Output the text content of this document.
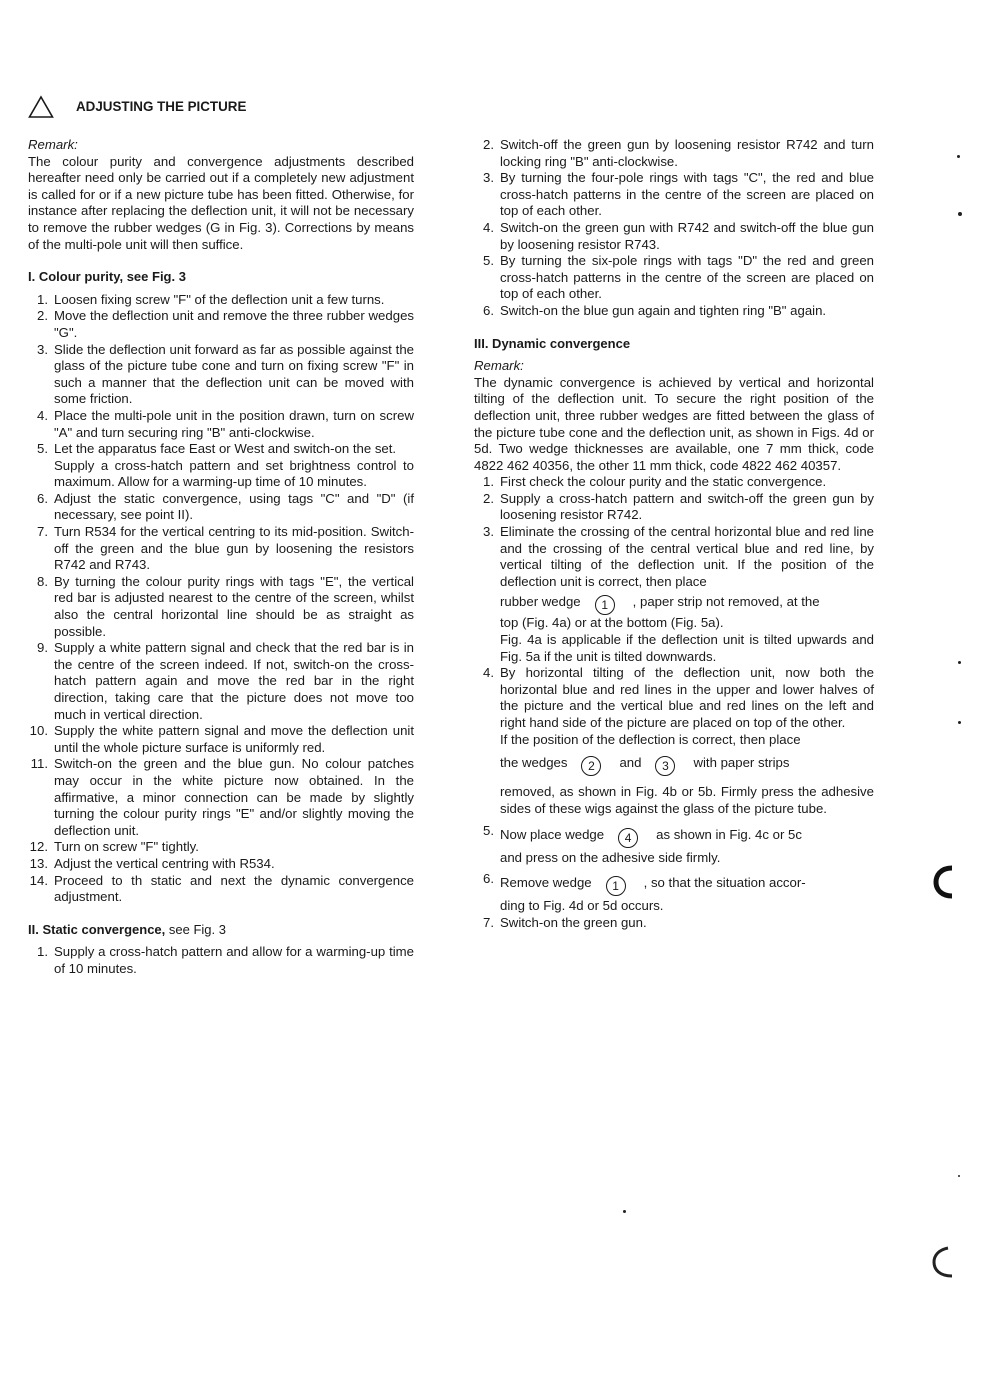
ADJUSTING THE PICTURE
Remark:

The colour purity and convergence adjustments described hereafter need only be carried out if a completely new adjustment is called for or if a new picture tube has been fitted. Otherwise, for instance after replacing the deflection unit, it will not be necessary to remove the rubber wedges (G in Fig. 3). Corrections by means of the multi-pole unit will then suffice.

I. Colour purity, see Fig. 3
1. Loosen fixing screw "F" of the deflection unit a few turns.
2. Move the deflection unit and remove the three rubber wedges "G".
3. Slide the deflection unit forward as far as possible against the glass of the picture tube cone and turn on fixing screw "F" in such a manner that the deflection unit can be moved with some friction.
4. Place the multi-pole unit in the position drawn, turn on screw "A" and turn securing ring "B" anti-clockwise.
5. Let the apparatus face East or West and switch-on the set.
Supply a cross-hatch pattern and set brightness control to maximum. Allow for a warming-up time of 10 minutes.
6. Adjust the static convergence, using tags "C" and "D" (if necessary, see point II).
7. Turn R534 for the vertical centring to its mid-position. Switch-off the green and the blue gun by loosening the resistors R742 and R743.
8. By turning the colour purity rings with tags "E", the vertical red bar is adjusted nearest to the centre of the screen, whilst also the central horizontal line should be as straight as possible.
9. Supply a white pattern signal and check that the red bar is in the centre of the screen indeed. If not, switch-on the cross-hatch pattern again and move the red bar in the right direction, taking care that the picture does not move too much in vertical direction.
10. Supply the white pattern signal and move the deflection unit until the whole picture surface is uniformly red.
11. Switch-on the green and the blue gun. No colour patches may occur in the white picture now obtained. In the affirmative, a minor connection can be made by slightly turning the colour purity rings "E" and/or slightly moving the deflection unit.
12. Turn on screw "F" tightly.
13. Adjust the vertical centring with R534.
14. Proceed to th static and next the dynamic convergence adjustment.
II. Static convergence, see Fig. 3
1. Supply a cross-hatch pattern and allow for a warming-up time of 10 minutes.
2. Switch-off the green gun by loosening resistor R742 and turn locking ring "B" anti-clockwise.
3. By turning the four-pole rings with tags "C", the red and blue cross-hatch patterns in the centre of the screen are placed on top of each other.
4. Switch-on the green gun with R742 and switch-off the blue gun by loosening resistor R743.
5. By turning the six-pole rings with tags "D" the red and green cross-hatch patterns in the centre of the screen are placed on top of each other.
6. Switch-on the blue gun again and tighten ring "B" again.
III. Dynamic convergence
Remark:

The dynamic convergence is achieved by vertical and horizontal tilting of the deflection unit. To secure the right position of the deflection unit, three rubber wedges are fitted between the glass of the picture tube cone and the deflection unit, as shown in Figs. 4d or 5d. Two wedge thicknesses are available, one 7 mm thick, code 4822 462 40356, the other 11 mm thick, code 4822 462 40357.

1. First check the colour purity and the static convergence.
2. Supply a cross-hatch pattern and switch-off the green gun by loosening resistor R742.
3. Eliminate the crossing of the central horizontal blue and red line and the crossing of the central vertical blue and red line, by vertical tilting of the deflection unit. If the position of the deflection unit is correct, then place
rubber wedge 1 , paper strip not removed, at the
top (Fig. 4a) or at the bottom (Fig. 5a).
Fig. 4a is applicable if the deflection unit is tilted upwards and Fig. 5a if the unit is tilted downwards.
4. By horizontal tilting of the deflection unit, now both the horizontal blue and red lines in the upper and lower halves of the picture and the vertical blue and red lines on the left and right hand side of the picture are placed on top of the other.
If the position of the deflection is correct, then place
the wedges 2 and 3 with paper strips
removed, as shown in Fig. 4b or 5b. Firmly press the adhesive sides of these wigs against the glass of the picture tube.
5. Now place wedge 4 as shown in Fig. 4c or 5c
and press on the adhesive side firmly.
6. Remove wedge 1 , so that the situation accor-
ding to Fig. 4d or 5d occurs.
7. Switch-on the green gun.
